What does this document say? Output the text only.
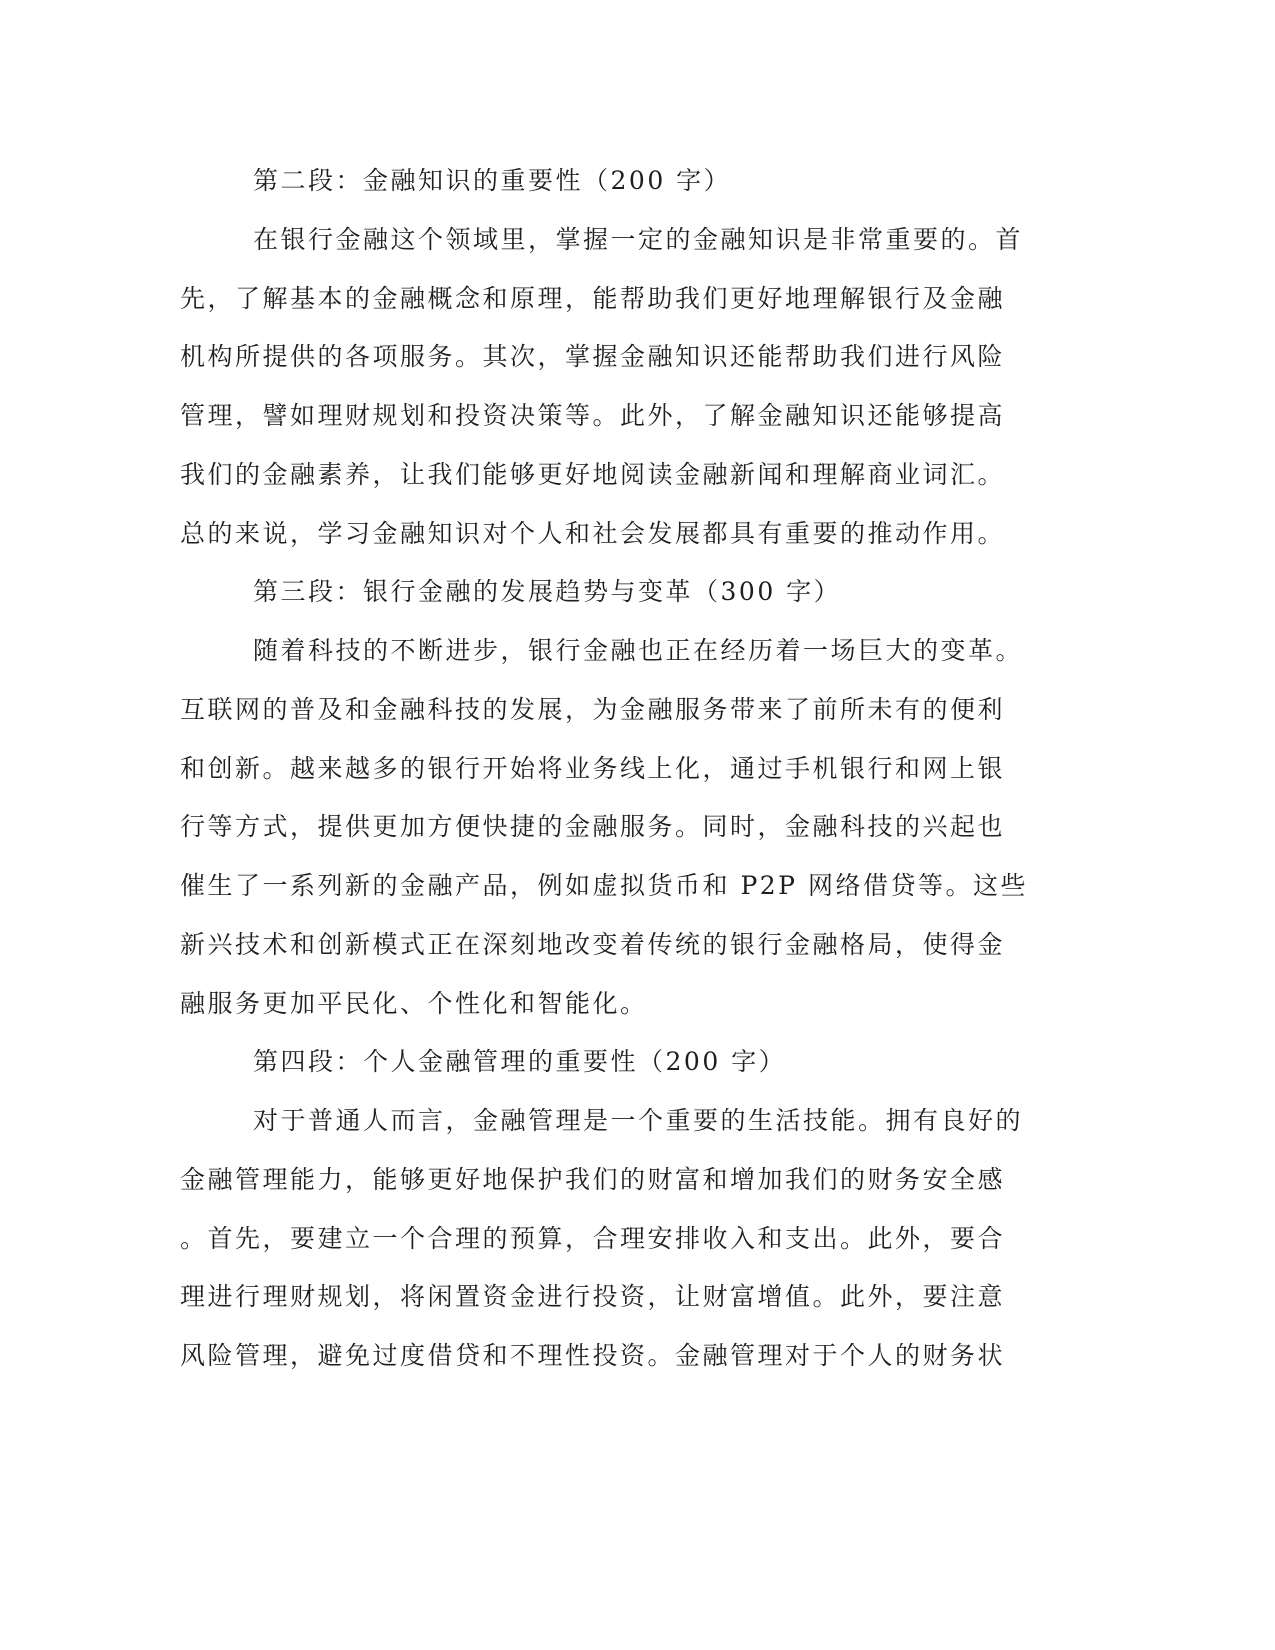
第二段：金融知识的重要性（200 字）
在银行金融这个领域里，掌握一定的金融知识是非常重要的。首
先，了解基本的金融概念和原理，能帮助我们更好地理解银行及金融
机构所提供的各项服务。其次，掌握金融知识还能帮助我们进行风险
管理，譬如理财规划和投资决策等。此外，了解金融知识还能够提高
我们的金融素养，让我们能够更好地阅读金融新闻和理解商业词汇。
总的来说，学习金融知识对个人和社会发展都具有重要的推动作用。
第三段：银行金融的发展趋势与变革（300 字）
随着科技的不断进步，银行金融也正在经历着一场巨大的变革。
互联网的普及和金融科技的发展，为金融服务带来了前所未有的便利
和创新。越来越多的银行开始将业务线上化，通过手机银行和网上银
行等方式，提供更加方便快捷的金融服务。同时，金融科技的兴起也
催生了一系列新的金融产品，例如虚拟货币和 P2P 网络借贷等。这些
新兴技术和创新模式正在深刻地改变着传统的银行金融格局，使得金
融服务更加平民化、个性化和智能化。
第四段：个人金融管理的重要性（200 字）
对于普通人而言，金融管理是一个重要的生活技能。拥有良好的
金融管理能力，能够更好地保护我们的财富和增加我们的财务安全感
。首先，要建立一个合理的预算，合理安排收入和支出。此外，要合
理进行理财规划，将闲置资金进行投资，让财富增值。此外，要注意
风险管理，避免过度借贷和不理性投资。金融管理对于个人的财务状
